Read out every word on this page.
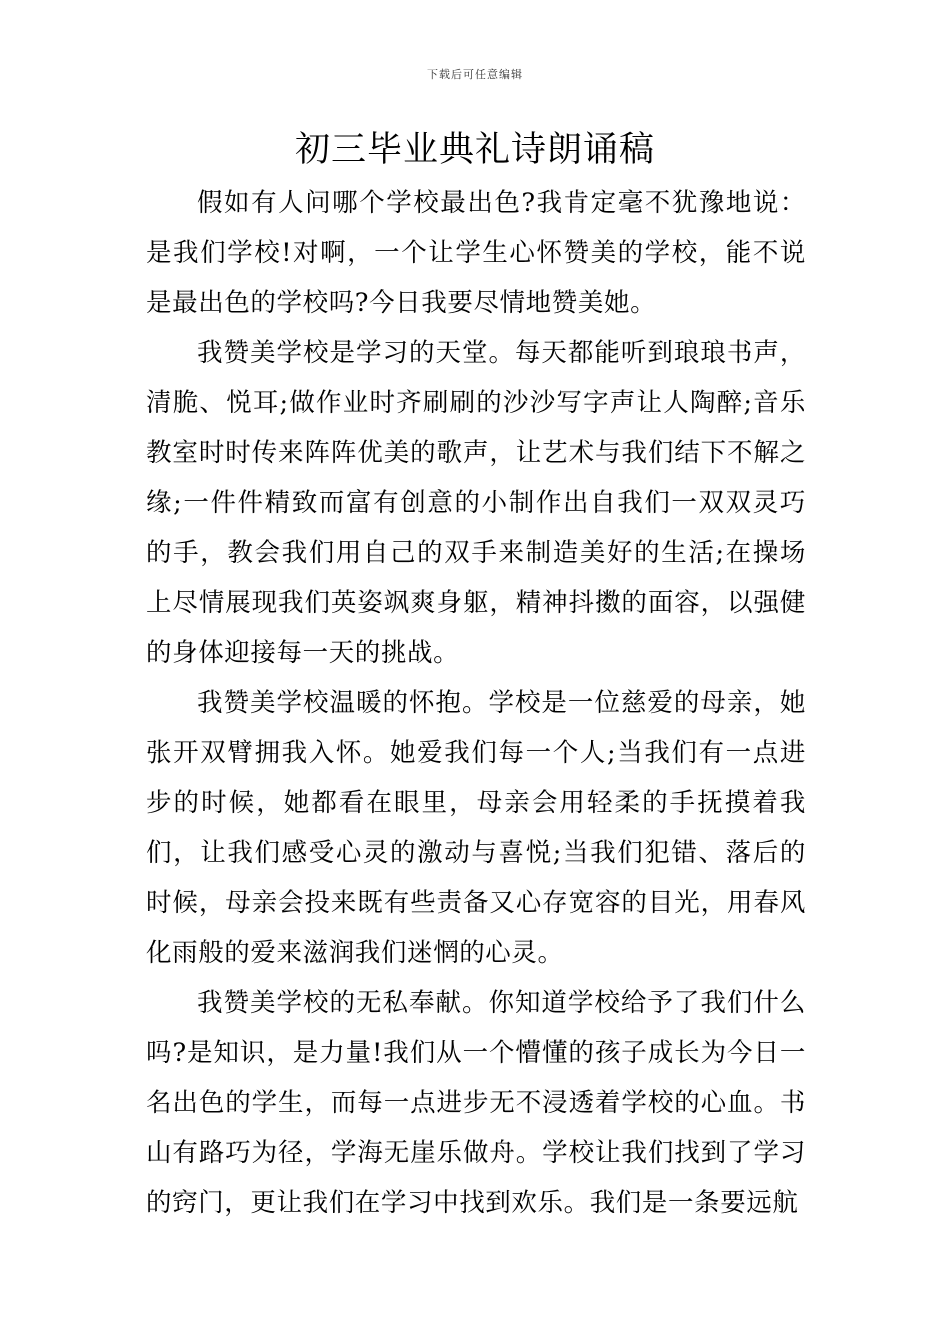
下载后可任意编辑
初三毕业典礼诗朗诵稿

假如有人问哪个学校最出色?我肯定毫不犹豫地说：是我们学校!对啊，一个让学生心怀赞美的学校，能不说是最出色的学校吗?今日我要尽情地赞美她。

我赞美学校是学习的天堂。每天都能听到琅琅书声，清脆、悦耳;做作业时齐刷刷的沙沙写字声让人陶醉;音乐教室时时传来阵阵优美的歌声，让艺术与我们结下不解之缘;一件件精致而富有创意的小制作出自我们一双双灵巧的手，教会我们用自己的双手来制造美好的生活;在操场上尽情展现我们英姿飒爽身躯，精神抖擞的面容，以强健的身体迎接每一天的挑战。

我赞美学校温暖的怀抱。学校是一位慈爱的母亲，她张开双臂拥我入怀。她爱我们每一个人;当我们有一点进步的时候，她都看在眼里，母亲会用轻柔的手抚摸着我们，让我们感受心灵的激动与喜悦;当我们犯错、落后的时候，母亲会投来既有些责备又心存宽容的目光，用春风化雨般的爱来滋润我们迷惘的心灵。

我赞美学校的无私奉献。你知道学校给予了我们什么吗?是知识，是力量!我们从一个懵懂的孩子成长为今日一名出色的学生，而每一点进步无不浸透着学校的心血。书山有路巧为径，学海无崖乐做舟。学校让我们找到了学习的窍门，更让我们在学习中找到欢乐。我们是一条要远航
